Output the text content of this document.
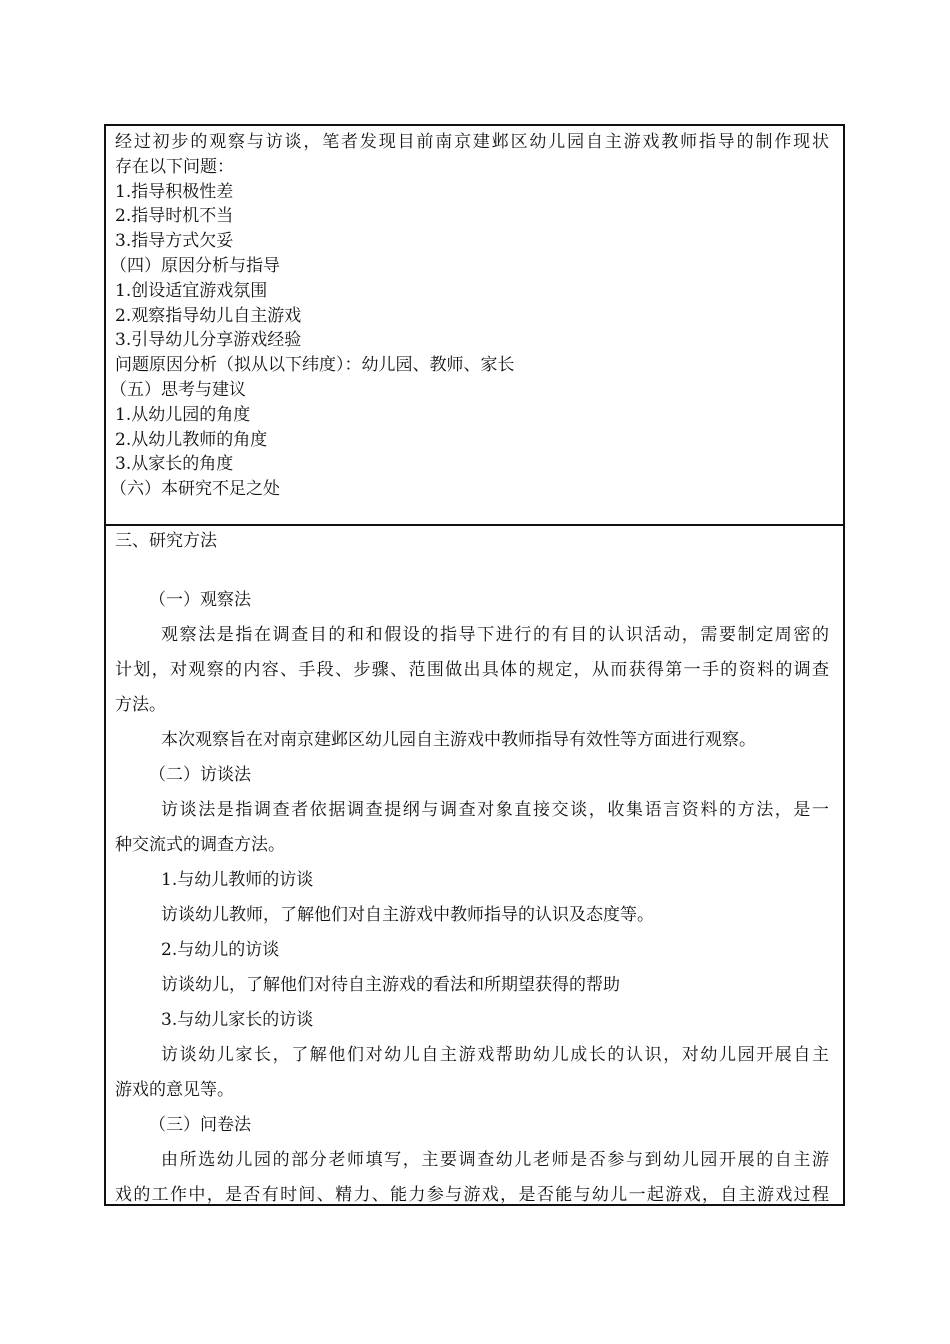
经过初步的观察与访谈，笔者发现目前南京建邺区幼儿园自主游戏教师指导的制作现状
存在以下问题：
1.指导积极性差
2.指导时机不当
3.指导方式欠妥
（四）原因分析与指导
1.创设适宜游戏氛围
2.观察指导幼儿自主游戏
3.引导幼儿分享游戏经验
问题原因分析（拟从以下纬度）：幼儿园、教师、家长
（五）思考与建议
1.从幼儿园的角度
2.从幼儿教师的角度
3.从家长的角度
（六）本研究不足之处
三、研究方法
（一）观察法
观察法是指在调查目的和和假设的指导下进行的有目的认识活动，需要制定周密的
计划，对观察的内容、手段、步骤、范围做出具体的规定，从而获得第一手的资料的调查
方法。
本次观察旨在对南京建邺区幼儿园自主游戏中教师指导有效性等方面进行观察。
（二）访谈法
访谈法是指调查者依据调查提纲与调查对象直接交谈，收集语言资料的方法，是一
种交流式的调查方法。
1.与幼儿教师的访谈
访谈幼儿教师，了解他们对自主游戏中教师指导的认识及态度等。
2.与幼儿的访谈
访谈幼儿，了解他们对待自主游戏的看法和所期望获得的帮助
3.与幼儿家长的访谈
访谈幼儿家长，了解他们对幼儿自主游戏帮助幼儿成长的认识，对幼儿园开展自主
游戏的意见等。
（三）问卷法
由所选幼儿园的部分老师填写，主要调查幼儿老师是否参与到幼儿园开展的自主游
戏的工作中，是否有时间、精力、能力参与游戏，是否能与幼儿一起游戏，自主游戏过程
